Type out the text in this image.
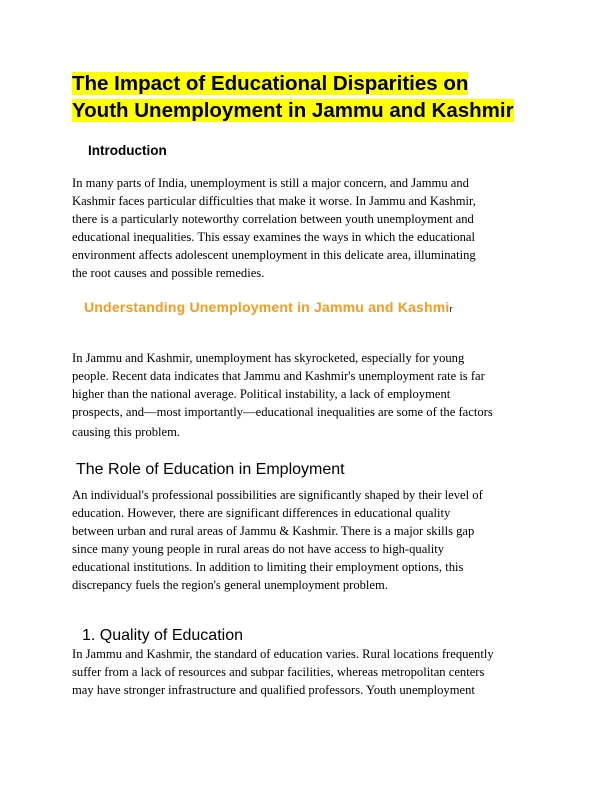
The Impact of Educational Disparities on
Youth Unemployment in Jammu and Kashmir
Introduction

In many parts of India, unemployment is still a major concern, and Jammu and
Kashmir faces particular difficulties that make it worse. In Jammu and Kashmir,
there is a particularly noteworthy correlation between youth unemployment and
educational inequalities. This essay examines the ways in which the educational
environment affects adolescent unemployment in this delicate area, illuminating
the root causes and possible remedies.

Understanding Unemployment in Jammu and Kashmir

In Jammu and Kashmir, unemployment has skyrocketed, especially for young
people. Recent data indicates that Jammu and Kashmir's unemployment rate is far
higher than the national average. Political instability, a lack of employment
prospects, and—most importantly—educational inequalities are some of the factors
causing this problem.

The Role of Education in Employment

An individual's professional possibilities are significantly shaped by their level of
education. However, there are significant differences in educational quality
between urban and rural areas of Jammu & Kashmir. There is a major skills gap
since many young people in rural areas do not have access to high-quality
educational institutions. In addition to limiting their employment options, this
discrepancy fuels the region's general unemployment problem.

1. Quality of Education

In Jammu and Kashmir, the standard of education varies. Rural locations frequently
suffer from a lack of resources and subpar facilities, whereas metropolitan centers
may have stronger infrastructure and qualified professors. Youth unemployment
